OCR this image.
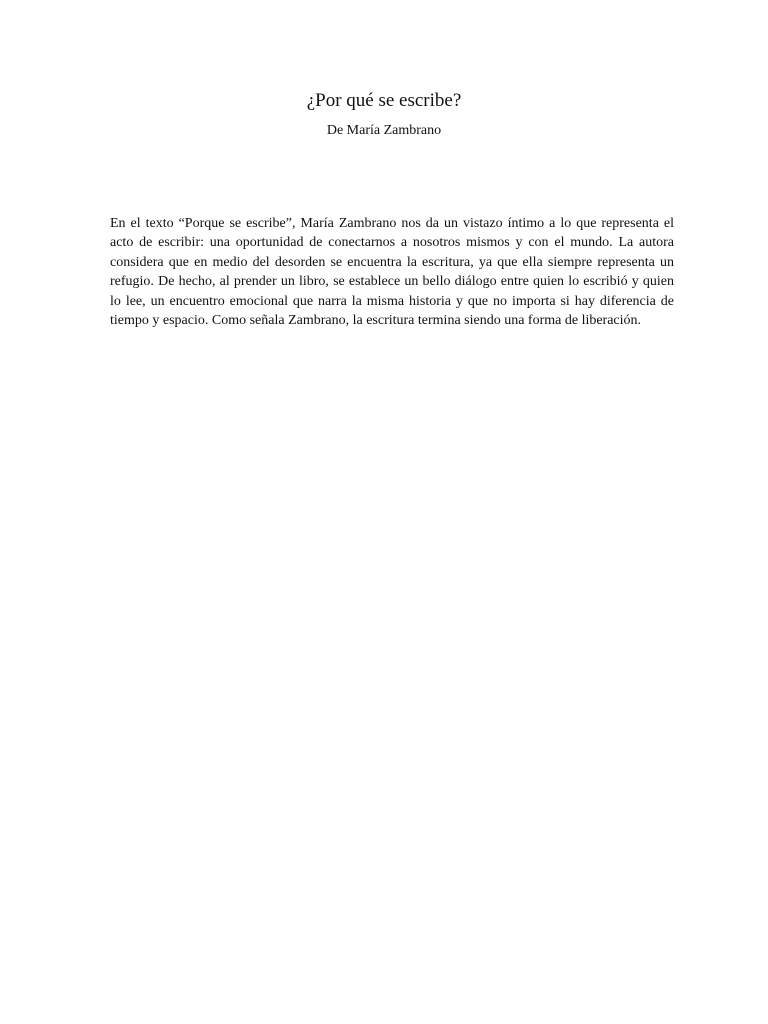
¿Por qué se escribe?

De María Zambrano

En el texto “Porque se escribe”, María Zambrano nos da un vistazo íntimo a lo que representa el acto de escribir: una oportunidad de conectarnos a nosotros mismos y con el mundo. La autora considera que en medio del desorden se encuentra la escritura, ya que ella siempre representa un refugio. De hecho, al prender un libro, se establece un bello diálogo entre quien lo escribió y quien lo lee, un encuentro emocional que narra la misma historia y que no importa si hay diferencia de tiempo y espacio. Como señala Zambrano, la escritura termina siendo una forma de liberación.
